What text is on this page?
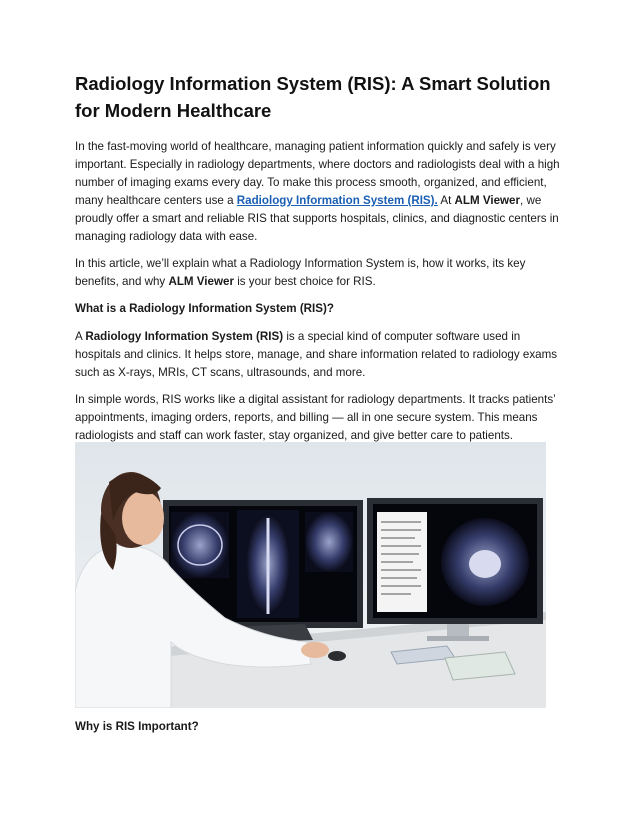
Radiology Information System (RIS): A Smart Solution for Modern Healthcare

In the fast-moving world of healthcare, managing patient information quickly and safely is very important. Especially in radiology departments, where doctors and radiologists deal with a high number of imaging exams every day. To make this process smooth, organized, and efficient, many healthcare centers use a Radiology Information System (RIS). At ALM Viewer, we proudly offer a smart and reliable RIS that supports hospitals, clinics, and diagnostic centers in managing radiology data with ease.

In this article, we’ll explain what a Radiology Information System is, how it works, its key benefits, and why ALM Viewer is your best choice for RIS.

What is a Radiology Information System (RIS)?

A Radiology Information System (RIS) is a special kind of computer software used in hospitals and clinics. It helps store, manage, and share information related to radiology exams such as X-rays, MRIs, CT scans, ultrasounds, and more.

In simple words, RIS works like a digital assistant for radiology departments. It tracks patients’ appointments, imaging orders, reports, and billing — all in one secure system. This means radiologists and staff can work faster, stay organized, and give better care to patients.

Why is RIS Important?
